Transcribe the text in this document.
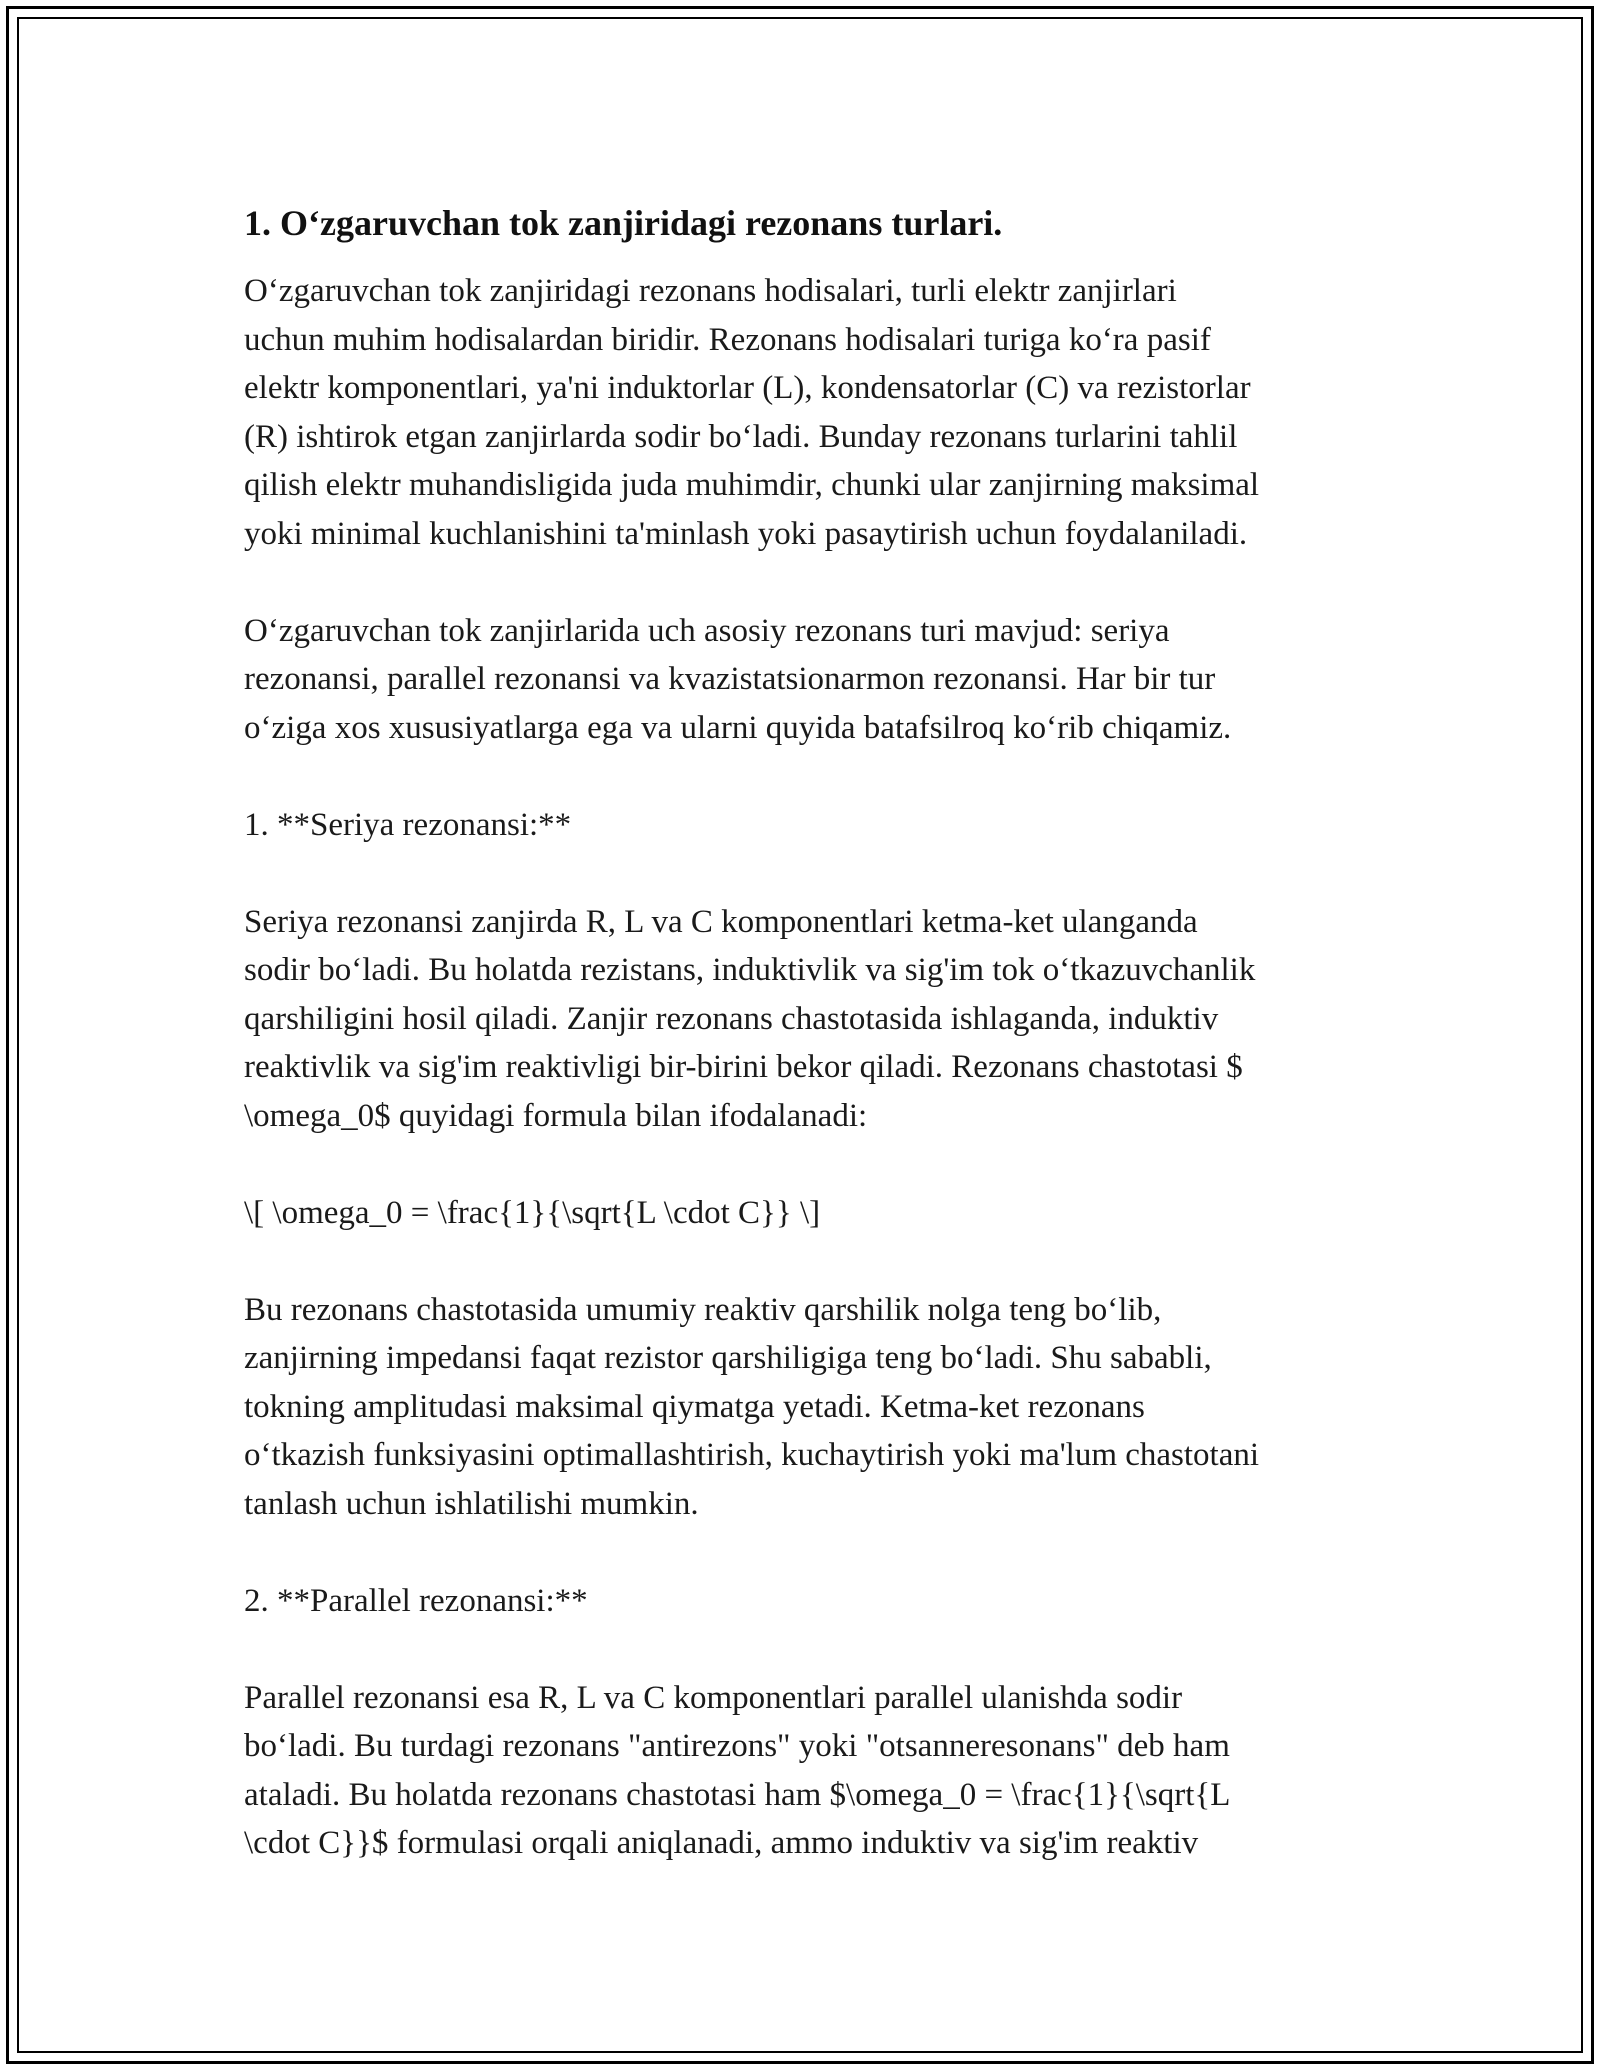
1. O‘zgaruvchan tok zanjiridagi rezonans turlari.

O‘zgaruvchan tok zanjiridagi rezonans hodisalari, turli elektr zanjirlari
uchun muhim hodisalardan biridir. Rezonans hodisalari turiga ko‘ra pasif
elektr komponentlari, ya'ni induktorlar (L), kondensatorlar (C) va rezistorlar
(R) ishtirok etgan zanjirlarda sodir bo‘ladi. Bunday rezonans turlarini tahlil
qilish elektr muhandisligida juda muhimdir, chunki ular zanjirning maksimal
yoki minimal kuchlanishini ta'minlash yoki pasaytirish uchun foydalaniladi.

O‘zgaruvchan tok zanjirlarida uch asosiy rezonans turi mavjud: seriya
rezonansi, parallel rezonansi va kvazistatsionarmon rezonansi. Har bir tur
o‘ziga xos xususiyatlarga ega va ularni quyida batafsilroq ko‘rib chiqamiz.

1. **Seriya rezonansi:**

Seriya rezonansi zanjirda R, L va C komponentlari ketma-ket ulanganda
sodir bo‘ladi. Bu holatda rezistans, induktivlik va sig'im tok o‘tkazuvchanlik
qarshiligini hosil qiladi. Zanjir rezonans chastotasida ishlaganda, induktiv
reaktivlik va sig'im reaktivligi bir-birini bekor qiladi. Rezonans chastotasi $
\omega_0$ quyidagi formula bilan ifodalanadi:

\[ \omega_0 = \frac{1}{\sqrt{L \cdot C}} \]

Bu rezonans chastotasida umumiy reaktiv qarshilik nolga teng bo‘lib,
zanjirning impedansi faqat rezistor qarshiligiga teng bo‘ladi. Shu sababli,
tokning amplitudasi maksimal qiymatga yetadi. Ketma-ket rezonans
o‘tkazish funksiyasini optimallashtirish, kuchaytirish yoki ma'lum chastotani
tanlash uchun ishlatilishi mumkin.

2. **Parallel rezonansi:**

Parallel rezonansi esa R, L va C komponentlari parallel ulanishda sodir
bo‘ladi. Bu turdagi rezonans "antirezons" yoki "otsanneresonans" deb ham
ataladi. Bu holatda rezonans chastotasi ham $\omega_0 = \frac{1}{\sqrt{L
\cdot C}}$ formulasi orqali aniqlanadi, ammo induktiv va sig'im reaktiv
